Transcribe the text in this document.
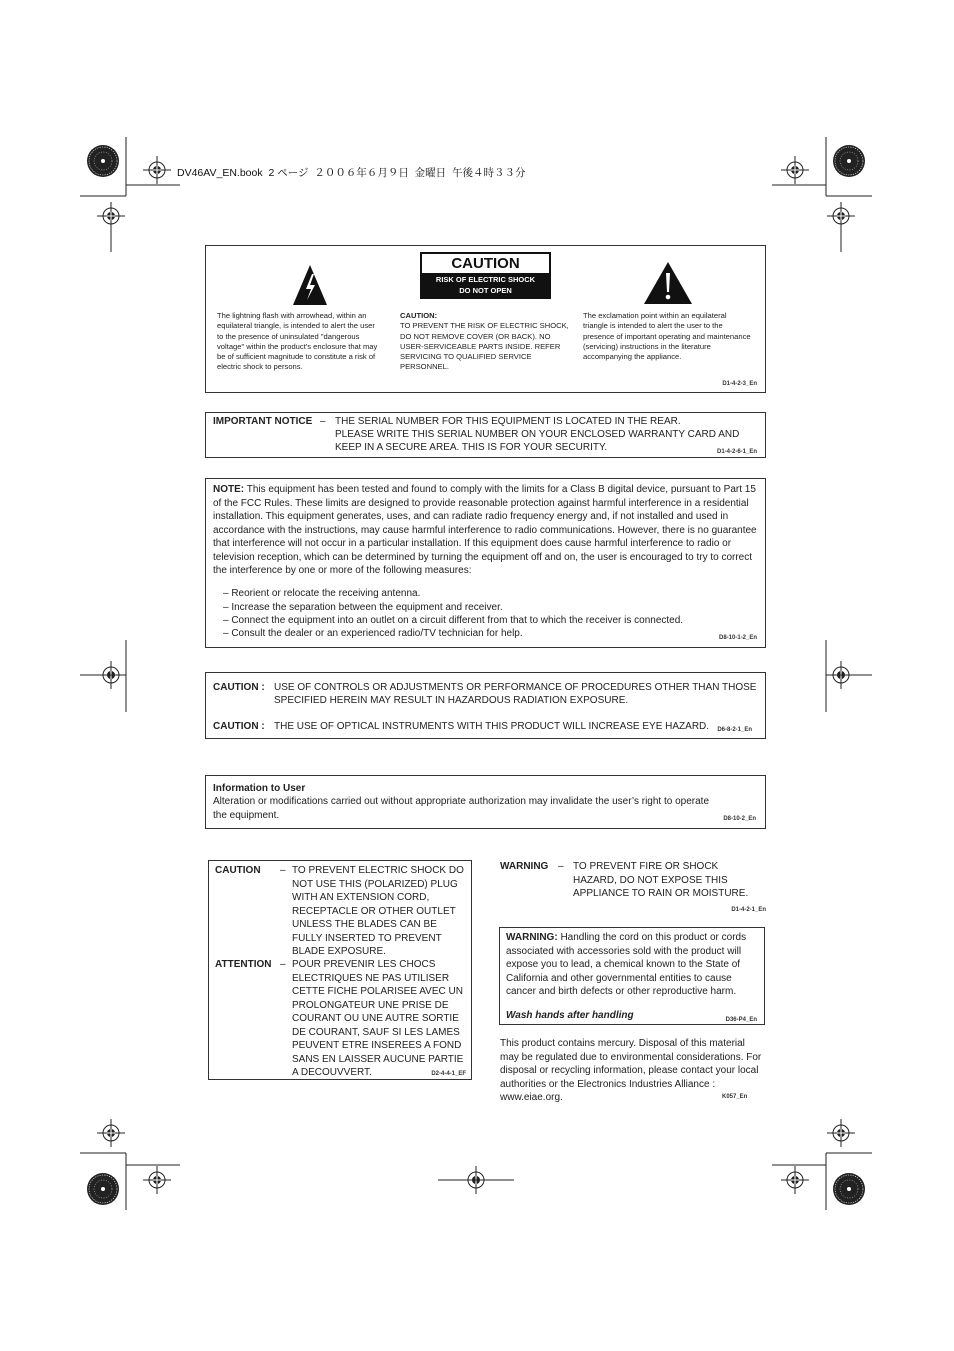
DV46AV_EN.book  2 ページ  ２００６年６月９日  金曜日  午後４時３３分
CAUTION
RISK OF ELECTRIC SHOCK
DO NOT OPEN
The lightning flash with arrowhead, within an equilateral triangle, is intended to alert the user to the presence of uninsulated "dangerous voltage" within the product's enclosure that may be of sufficient magnitude to constitute a risk of electric shock to persons.
CAUTION:
TO PREVENT THE RISK OF ELECTRIC SHOCK, DO NOT REMOVE COVER (OR BACK). NO USER-SERVICEABLE PARTS INSIDE. REFER SERVICING TO QUALIFIED SERVICE PERSONNEL.
The exclamation point within an equilateral triangle is intended to alert the user to the presence of important operating and maintenance (servicing) instructions in the literature accompanying the appliance.
D1-4-2-3_En
IMPORTANT NOTICE – THE SERIAL NUMBER FOR THIS EQUIPMENT IS LOCATED IN THE REAR.
PLEASE WRITE THIS SERIAL NUMBER ON YOUR ENCLOSED WARRANTY CARD AND
KEEP IN A SECURE AREA. THIS IS FOR YOUR SECURITY.	D1-4-2-6-1_En
NOTE: This equipment has been tested and found to comply with the limits for a Class B digital device, pursuant to Part 15 of the FCC Rules. These limits are designed to provide reasonable protection against harmful interference in a residential installation. This equipment generates, uses, and can radiate radio frequency energy and, if not installed and used in accordance with the instructions, may cause harmful interference to radio communications. However, there is no guarantee that interference will not occur in a particular installation. If this equipment does cause harmful interference to radio or television reception, which can be determined by turning the equipment off and on, the user is encouraged to try to correct the interference by one or more of the following measures:
– Reorient or relocate the receiving antenna.
– Increase the separation between the equipment and receiver.
– Connect the equipment into an outlet on a circuit different from that to which the receiver is connected.
– Consult the dealer or an experienced radio/TV technician for help.	D8-10-1-2_En
CAUTION : USE OF CONTROLS OR ADJUSTMENTS OR PERFORMANCE OF PROCEDURES OTHER THAN THOSE
SPECIFIED HEREIN MAY RESULT IN HAZARDOUS RADIATION EXPOSURE.
CAUTION : THE USE OF OPTICAL INSTRUMENTS WITH THIS PRODUCT WILL INCREASE EYE HAZARD. D6-8-2-1_En
Information to User
Alteration or modifications carried out without appropriate authorization may invalidate the user’s right to operate
the equipment.	D8-10-2_En
CAUTION – TO PREVENT ELECTRIC SHOCK DO
NOT USE THIS (POLARIZED) PLUG
WITH AN EXTENSION CORD,
RECEPTACLE OR OTHER OUTLET
UNLESS THE BLADES CAN BE
FULLY INSERTED TO PREVENT
BLADE EXPOSURE.
ATTENTION – POUR PREVENIR LES CHOCS
ELECTRIQUES NE PAS UTILISER
CETTE FICHE POLARISEE AVEC UN
PROLONGATEUR UNE PRISE DE
COURANT OU UNE AUTRE SORTIE
DE COURANT, SAUF SI LES LAMES
PEUVENT ETRE INSEREES A FOND
SANS EN LAISSER AUCUNE PARTIE
A DECOUVVERT.	D2-4-4-1_EF
WARNING – TO PREVENT FIRE OR SHOCK
HAZARD, DO NOT EXPOSE THIS
APPLIANCE TO RAIN OR MOISTURE.
D1-4-2-1_En
WARNING: Handling the cord on this product or cords associated with accessories sold with the product will expose you to lead, a chemical known to the State of California and other governmental entities to cause cancer and birth defects or other reproductive harm.
Wash hands after handling	D36-P4_En
This product contains mercury. Disposal of this material may be regulated due to environmental considerations. For disposal or recycling information, please contact your local authorities or the Electronics Industries Alliance : www.eiae.org.	K057_En
